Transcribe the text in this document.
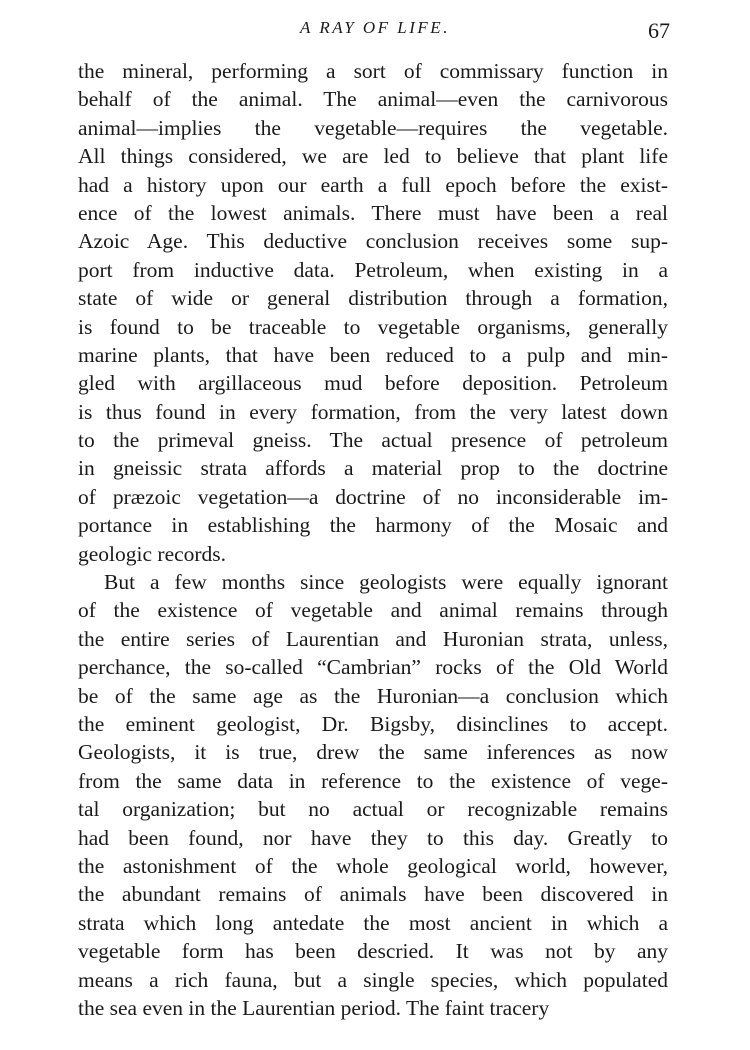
A RAY OF LIFE.	67
the mineral, performing a sort of commissary function in
behalf of the animal. The animal—even the carnivorous
animal—implies the vegetable—requires the vegetable.
All things considered, we are led to believe that plant life
had a history upon our earth a full epoch before the exist-
ence of the lowest animals. There must have been a real
Azoic Age. This deductive conclusion receives some sup-
port from inductive data. Petroleum, when existing in a
state of wide or general distribution through a formation,
is found to be traceable to vegetable organisms, generally
marine plants, that have been reduced to a pulp and min-
gled with argillaceous mud before deposition. Petroleum
is thus found in every formation, from the very latest down
to the primeval gneiss. The actual presence of petroleum
in gneissic strata affords a material prop to the doctrine
of præzoic vegetation—a doctrine of no inconsiderable im-
portance in establishing the harmony of the Mosaic and
geologic records.
But a few months since geologists were equally ignorant
of the existence of vegetable and animal remains through
the entire series of Laurentian and Huronian strata, unless,
perchance, the so-called “Cambrian” rocks of the Old World
be of the same age as the Huronian—a conclusion which
the eminent geologist, Dr. Bigsby, disinclines to accept.
Geologists, it is true, drew the same inferences as now
from the same data in reference to the existence of vege-
tal organization; but no actual or recognizable remains
had been found, nor have they to this day. Greatly to
the astonishment of the whole geological world, however,
the abundant remains of animals have been discovered in
strata which long antedate the most ancient in which a
vegetable form has been descried. It was not by any
means a rich fauna, but a single species, which populated
the sea even in the Laurentian period. The faint tracery
